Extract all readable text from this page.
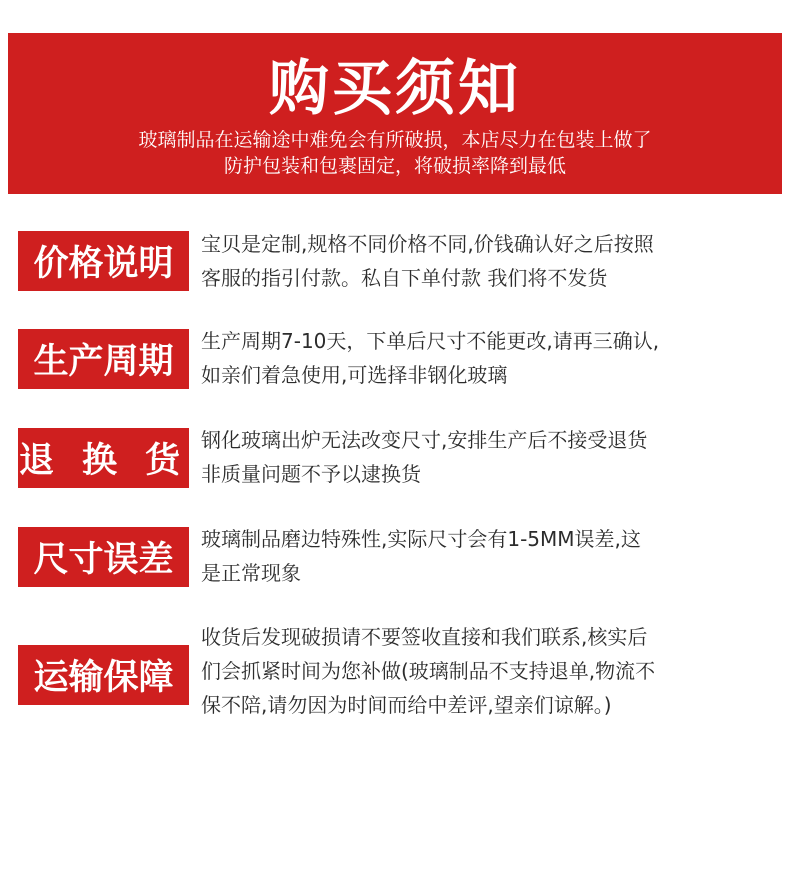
购买须知
玻璃制品在运输途中难免会有所破损，本店尽力在包装上做了
防护包装和包裹固定，将破损率降到最低
价格说明	宝贝是定制,规格不同价格不同,价钱确认好之后按照
客服的指引付款。私自下单付款 我们将不发货
生产周期
生产周期7-10天，下单后尺寸不能更改,请再三确认,
如亲们着急使用,可选择非钢化玻璃
退 换 货
钢化玻璃出炉无法改变尺寸,安排生产后不接受退货
非质量问题不予以逮换货
尺寸误差
玻璃制品磨边特殊性,实际尺寸会有1-5MM误差,这
是正常现象
运输保障
收货后发现破损请不要签收直接和我们联系,核实后
们会抓紧时间为您补做(玻璃制品不支持退单,物流不
保不陪,请勿因为时间而给中差评,望亲们谅解。)
